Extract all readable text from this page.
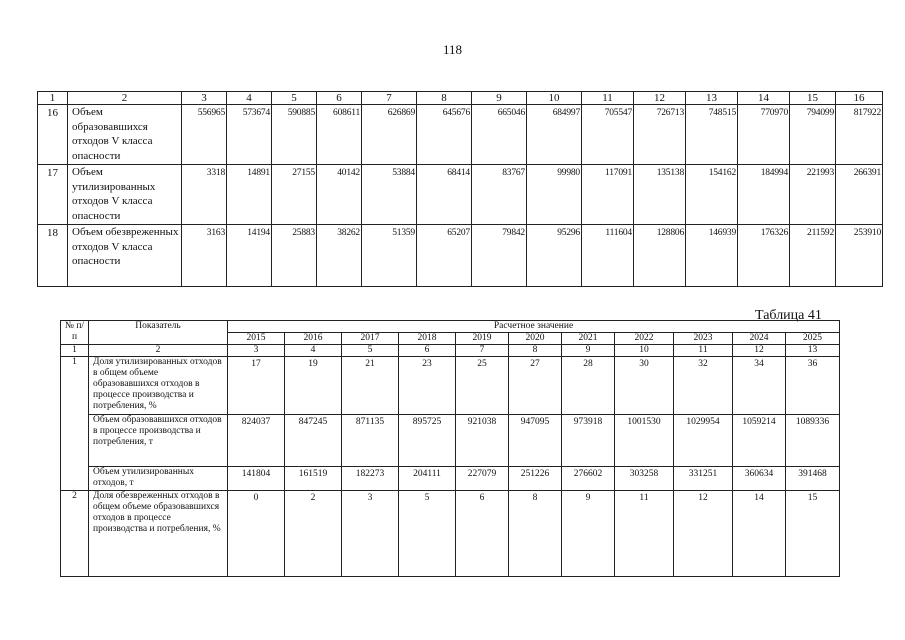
118
1	2	3	4	5	6	7	8	9	10	11	12	13	14	15	16
16	Объем образовавшихся отходов V класса опасности	556965	573674	590885	608611	626869	645676	665046	684997	705547	726713	748515	770970	794099	817922
17	Объем утилизированных отходов V класса опасности	3318	14891	27155	40142	53884	68414	83767	99980	117091	135138	154162	184994	221993	266391
18	Объем обезвреженных отходов V класса опасности	3163	14194	25883	38262	51359	65207	79842	95296	111604	128806	146939	176326	211592	253910
Таблица 41
№ п/п	Показатель	Расчетное значение										
		2015	2016	2017	2018	2019	2020	2021	2022	2023	2024	2025
1	2	3	4	5	6	7	8	9	10	11	12	13
1	Доля утилизированных отходов в общем объеме образовавшихся отходов в процессе производства и потребления, %	17	19	21	23	25	27	28	30	32	34	36
	Объем образовавшихся отходов в процессе производства и потребления, т	824037	847245	871135	895725	921038	947095	973918	1001530	1029954	1059214	1089336
	Объем утилизированных отходов, т	141804	161519	182273	204111	227079	251226	276602	303258	331251	360634	391468
2	Доля обезвреженных отходов в общем объеме образовавшихся отходов в процессе производства и потребления, %	0	2	3	5	6	8	9	11	12	14	15
